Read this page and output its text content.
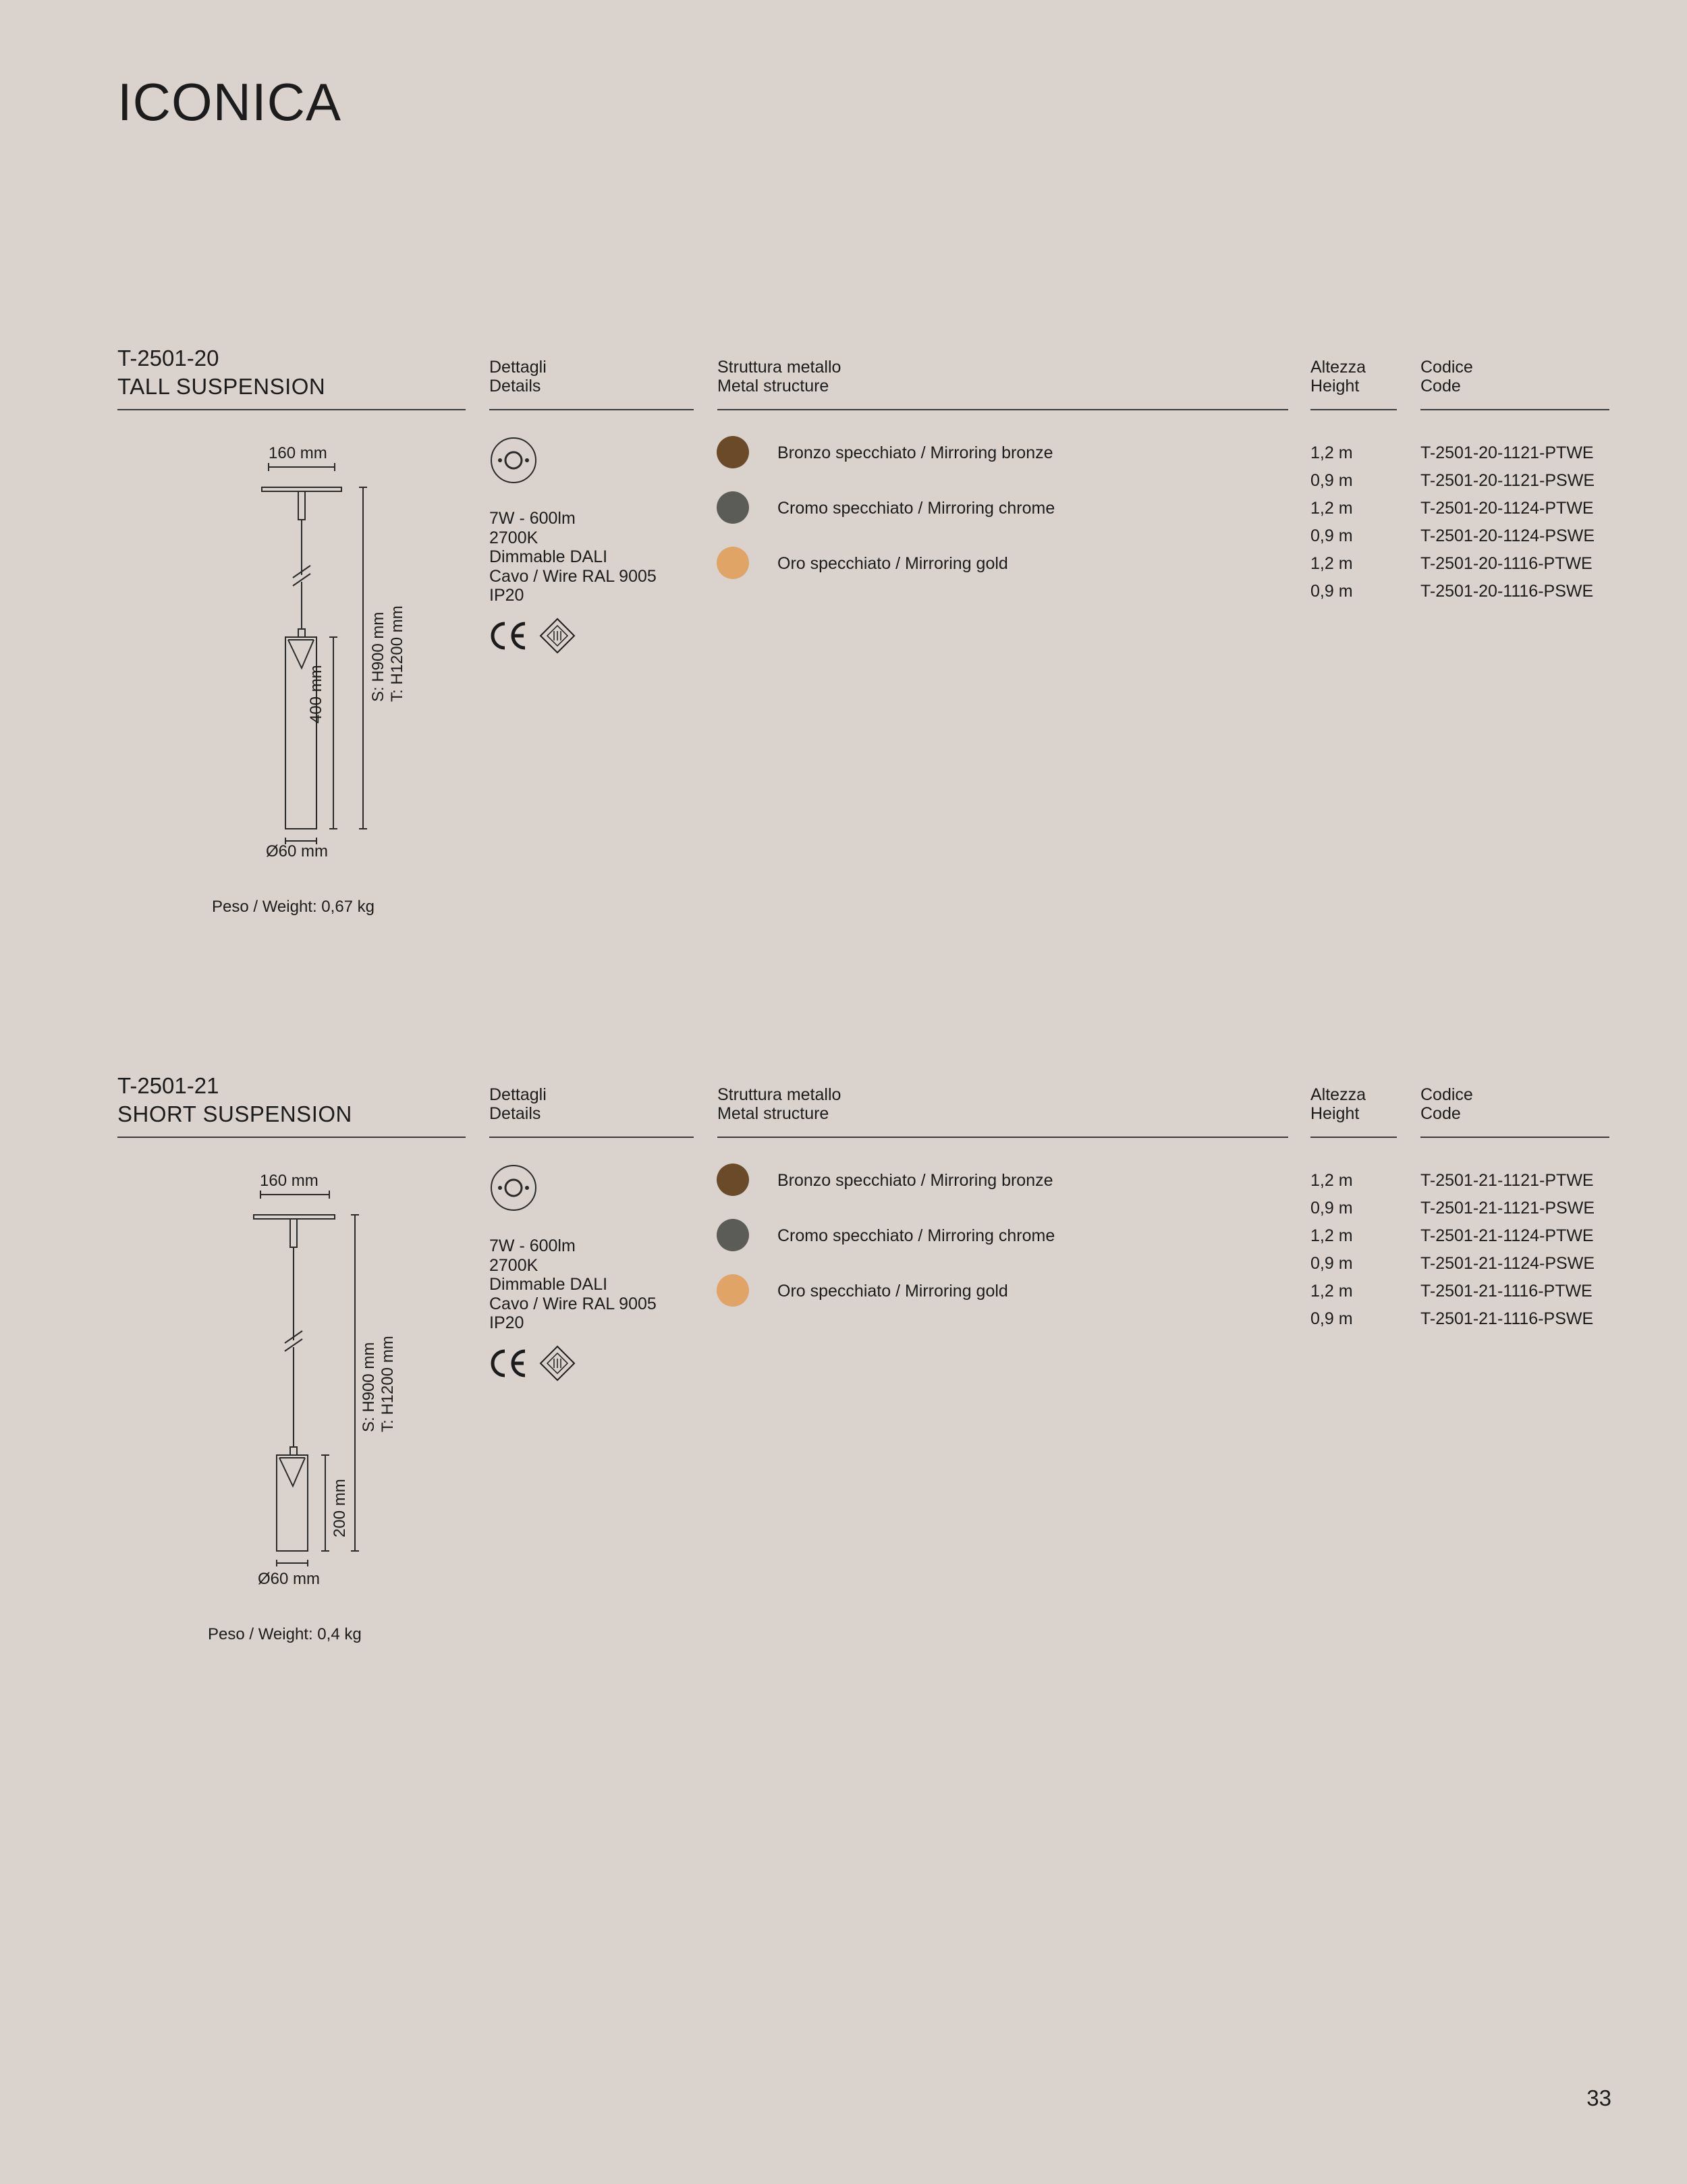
ICONICA
T-2501-20
TALL SUSPENSION
Dettagli
Details
Struttura metallo
Metal structure
Altezza
Height
Codice
Code
160 mm
400 mm	S: H900 mm T: H1200 mm
Ø60 mm
Peso / Weight: 0,67 kg
7W - 600lm
2700K
Dimmable DALI
Cavo / Wire RAL 9005
IP20
Bronzo specchiato / Mirroring bronze
Cromo specchiato / Mirroring chrome
Oro specchiato / Mirroring gold
1,2 m
0,9 m
1,2 m
0,9 m
1,2 m
0,9 m
T-2501-20-1121-PTWE
T-2501-20-1121-PSWE
T-2501-20-1124-PTWE
T-2501-20-1124-PSWE
T-2501-20-1116-PTWE
T-2501-20-1116-PSWE
T-2501-21
SHORT SUSPENSION
Dettagli
Details
Struttura metallo
Metal structure
Altezza
Height
Codice
Code
160 mm
200 mm
S: H900 mm T: H1200 mm
Ø60 mm
Peso / Weight: 0,4 kg
7W - 600lm
2700K
Dimmable DALI
Cavo / Wire RAL 9005
IP20
Bronzo specchiato / Mirroring bronze
Cromo specchiato / Mirroring chrome
Oro specchiato / Mirroring gold
1,2 m
0,9 m
1,2 m
0,9 m
1,2 m
0,9 m
T-2501-21-1121-PTWE
T-2501-21-1121-PSWE
T-2501-21-1124-PTWE
T-2501-21-1124-PSWE
T-2501-21-1116-PTWE
T-2501-21-1116-PSWE
33
